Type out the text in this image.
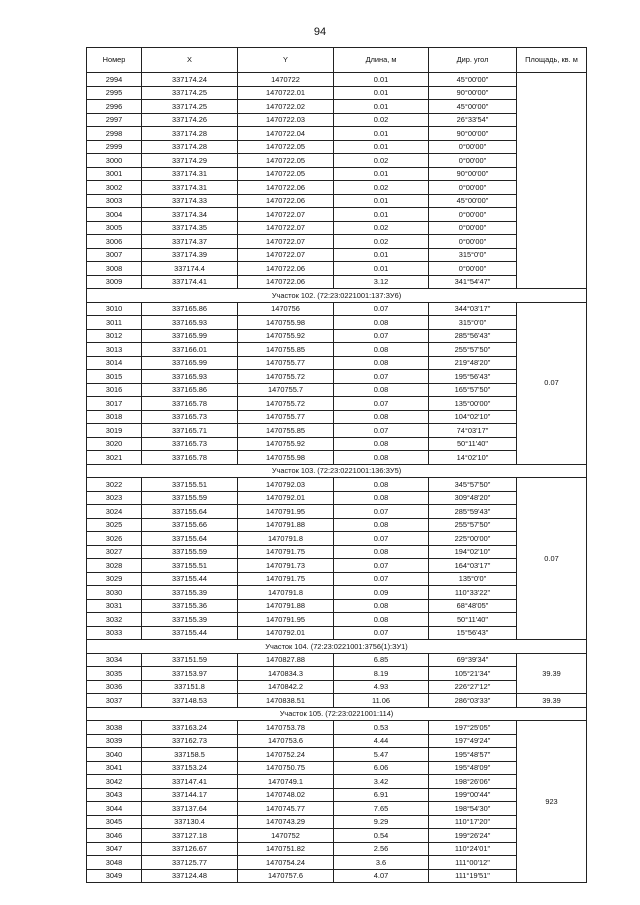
94
Номер	X	Y	Длина, м	Дир. угол	Площадь, кв. м
2994	337174.24	1470722	0.01	45°00'00"	
2995	337174.25	1470722.01	0.01	90°00'00"	
2996	337174.25	1470722.02	0.01	45°00'00"	
2997	337174.26	1470722.03	0.02	26°33'54"	
2998	337174.28	1470722.04	0.01	90°00'00"	
2999	337174.28	1470722.05	0.01	0°00'00"	
3000	337174.29	1470722.05	0.02	0°00'00"	
3001	337174.31	1470722.05	0.01	90°00'00"	
3002	337174.31	1470722.06	0.02	0°00'00"	
3003	337174.33	1470722.06	0.01	45°00'00"	
3004	337174.34	1470722.07	0.01	0°00'00"	
3005	337174.35	1470722.07	0.02	0°00'00"	
3006	337174.37	1470722.07	0.02	0°00'00"	
3007	337174.39	1470722.07	0.01	315°0'0"	
3008	337174.4	1470722.06	0.01	0°00'00"	
3009	337174.41	1470722.06	3.12	341°54'47"	
Участок 102. (72:23:0221001:137:ЗУ6)					
3010	337165.86	1470756	0.07	344°03'17"	0.07
3011	337165.93	1470755.98	0.08	315°0'0"	
3012	337165.99	1470755.92	0.07	285°56'43"	
3013	337166.01	1470755.85	0.08	255°57'50"	
3014	337165.99	1470755.77	0.08	219°48'20"	
3015	337165.93	1470755.72	0.07	195°56'43"	
3016	337165.86	1470755.7	0.08	165°57'50"	
3017	337165.78	1470755.72	0.07	135°00'00"	
3018	337165.73	1470755.77	0.08	104°02'10"	
3019	337165.71	1470755.85	0.07	74°03'17"	
3020	337165.73	1470755.92	0.08	50°11'40"	
3021	337165.78	1470755.98	0.08	14°02'10"	
Участок 103. (72:23:0221001:136:ЗУ5)					
3022	337155.51	1470792.03	0.08	345°57'50"	0.07
3023	337155.59	1470792.01	0.08	309°48'20"	
3024	337155.64	1470791.95	0.07	285°59'43"	
3025	337155.66	1470791.88	0.08	255°57'50"	
3026	337155.64	1470791.8	0.07	225°00'00"	
3027	337155.59	1470791.75	0.08	194°02'10"	
3028	337155.51	1470791.73	0.07	164°03'17"	
3029	337155.44	1470791.75	0.07	135°0'0"	
3030	337155.39	1470791.8	0.09	110°33'22"	
3031	337155.36	1470791.88	0.08	68°48'05"	
3032	337155.39	1470791.95	0.08	50°11'40"	
3033	337155.44	1470792.01	0.07	15°56'43"	
Участок 104. (72:23:0221001:3756(1):ЗУ1)					
3034	337151.59	1470827.88	6.85	69°39'34"	39.39
3035	337153.97	1470834.3	8.19	105°21'34"	
3036	337151.8	1470842.2	4.93	226°27'12"	
3037	337148.53	1470838.51	11.06	286°03'33"	39.39
Участок 105. (72:23:0221001:114)					
3038	337163.24	1470753.78	0.53	197°25'05"	923
3039	337162.73	1470753.6	4.44	197°49'24"	
3040	337158.5	1470752.24	5.47	195°48'57"	
3041	337153.24	1470750.75	6.06	195°48'09"	
3042	337147.41	1470749.1	3.42	198°26'06"	
3043	337144.17	1470748.02	6.91	199°00'44"	
3044	337137.64	1470745.77	7.65	198°54'30"	
3045	337130.4	1470743.29	9.29	110°17'20"	
3046	337127.18	1470752	0.54	199°26'24"	
3047	337126.67	1470751.82	2.56	110°24'01"	
3048	337125.77	1470754.24	3.6	111°00'12"	
3049	337124.48	1470757.6	4.07	111°19'51"	
